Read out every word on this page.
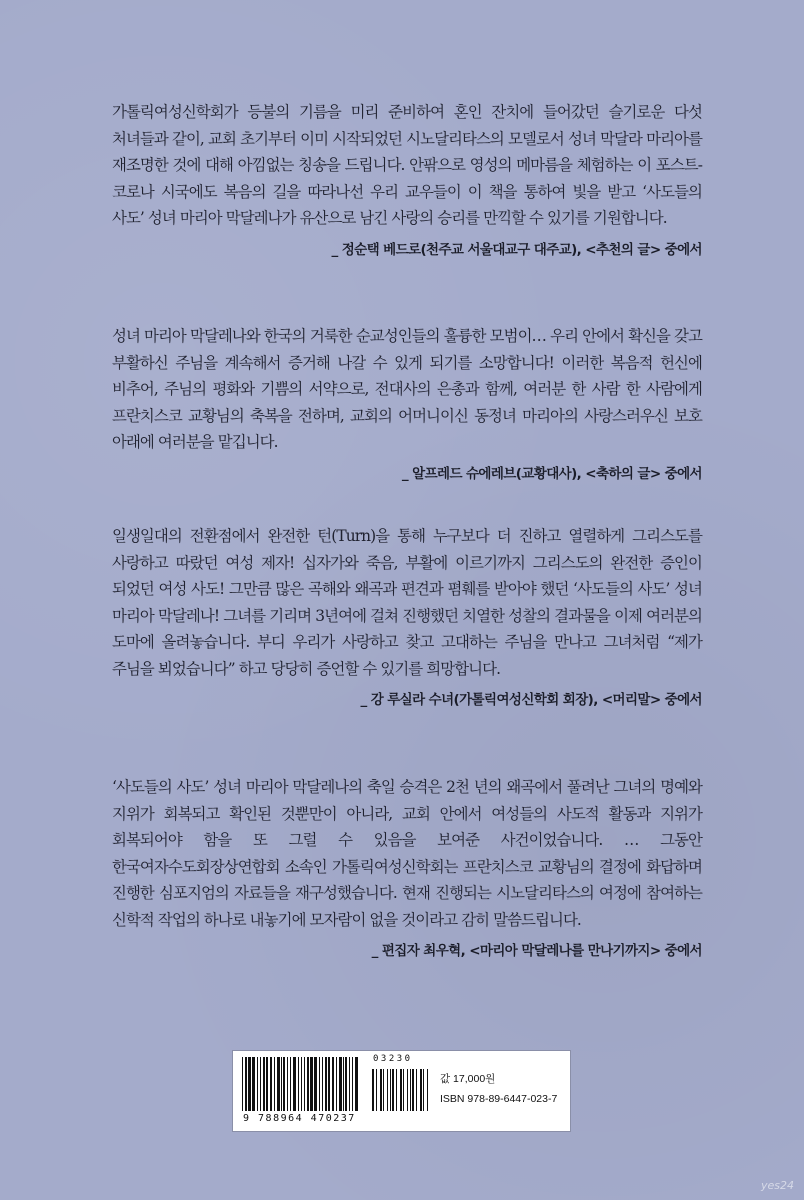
가톨릭여성신학회가 등불의 기름을 미리 준비하여 혼인 잔치에 들어갔던 슬기로운 다섯 처녀들과 같이, 교회 초기부터 이미 시작되었던 시노달리타스의 모델로서 성녀 막달라 마리아를 재조명한 것에 대해 아낌없는 칭송을 드립니다. 안팎으로 영성의 메마름을 체험하는 이 포스트-코로나 시국에도 복음의 길을 따라나선 우리 교우들이 이 책을 통하여 빛을 받고 ‘사도들의 사도’ 성녀 마리아 막달레나가 유산으로 남긴 사랑의 승리를 만끽할 수 있기를 기원합니다.

_ 정순택 베드로(천주교 서울대교구 대주교), <추천의 글> 중에서

성녀 마리아 막달레나와 한국의 거룩한 순교성인들의 훌륭한 모범이… 우리 안에서 확신을 갖고 부활하신 주님을 계속해서 증거해 나갈 수 있게 되기를 소망합니다! 이러한 복음적 헌신에 비추어, 주님의 평화와 기쁨의 서약으로, 전대사의 은총과 함께, 여러분 한 사람 한 사람에게 프란치스코 교황님의 축복을 전하며, 교회의 어머니이신 동정녀 마리아의 사랑스러우신 보호 아래에 여러분을 맡깁니다.

_ 알프레드 슈에레브(교황대사), <축하의 글> 중에서

일생일대의 전환점에서 완전한 턴(Turn)을 통해 누구보다 더 진하고 열렬하게 그리스도를 사랑하고 따랐던 여성 제자! 십자가와 죽음, 부활에 이르기까지 그리스도의 완전한 증인이 되었던 여성 사도! 그만큼 많은 곡해와 왜곡과 편견과 폄훼를 받아야 했던 ‘사도들의 사도’ 성녀 마리아 막달레나! 그녀를 기리며 3년여에 걸쳐 진행했던 치열한 성찰의 결과물을 이제 여러분의 도마에 올려놓습니다. 부디 우리가 사랑하고 찾고 고대하는 주님을 만나고 그녀처럼 “제가 주님을 뵈었습니다” 하고 당당히 증언할 수 있기를 희망합니다.

_ 강 루실라 수녀(가톨릭여성신학회 회장), <머리말> 중에서

‘사도들의 사도’ 성녀 마리아 막달레나의 축일 승격은 2천 년의 왜곡에서 풀려난 그녀의 명예와 지위가 회복되고 확인된 것뿐만이 아니라, 교회 안에서 여성들의 사도적 활동과 지위가 회복되어야 함을 또 그럴 수 있음을 보여준 사건이었습니다. … 그동안 한국여자수도회장상연합회 소속인 가톨릭여성신학회는 프란치스코 교황님의 결정에 화답하며 진행한 심포지엄의 자료들을 재구성했습니다. 현재 진행되는 시노달리타스의 여정에 참여하는 신학적 작업의 하나로 내놓기에 모자람이 없을 것이라고 감히 말씀드립니다.

_ 편집자 최우혁, <마리아 막달레나를 만나기까지> 중에서

03230
9 788964 470237
값 17,000원
ISBN 978-89-6447-023-7
yes24
